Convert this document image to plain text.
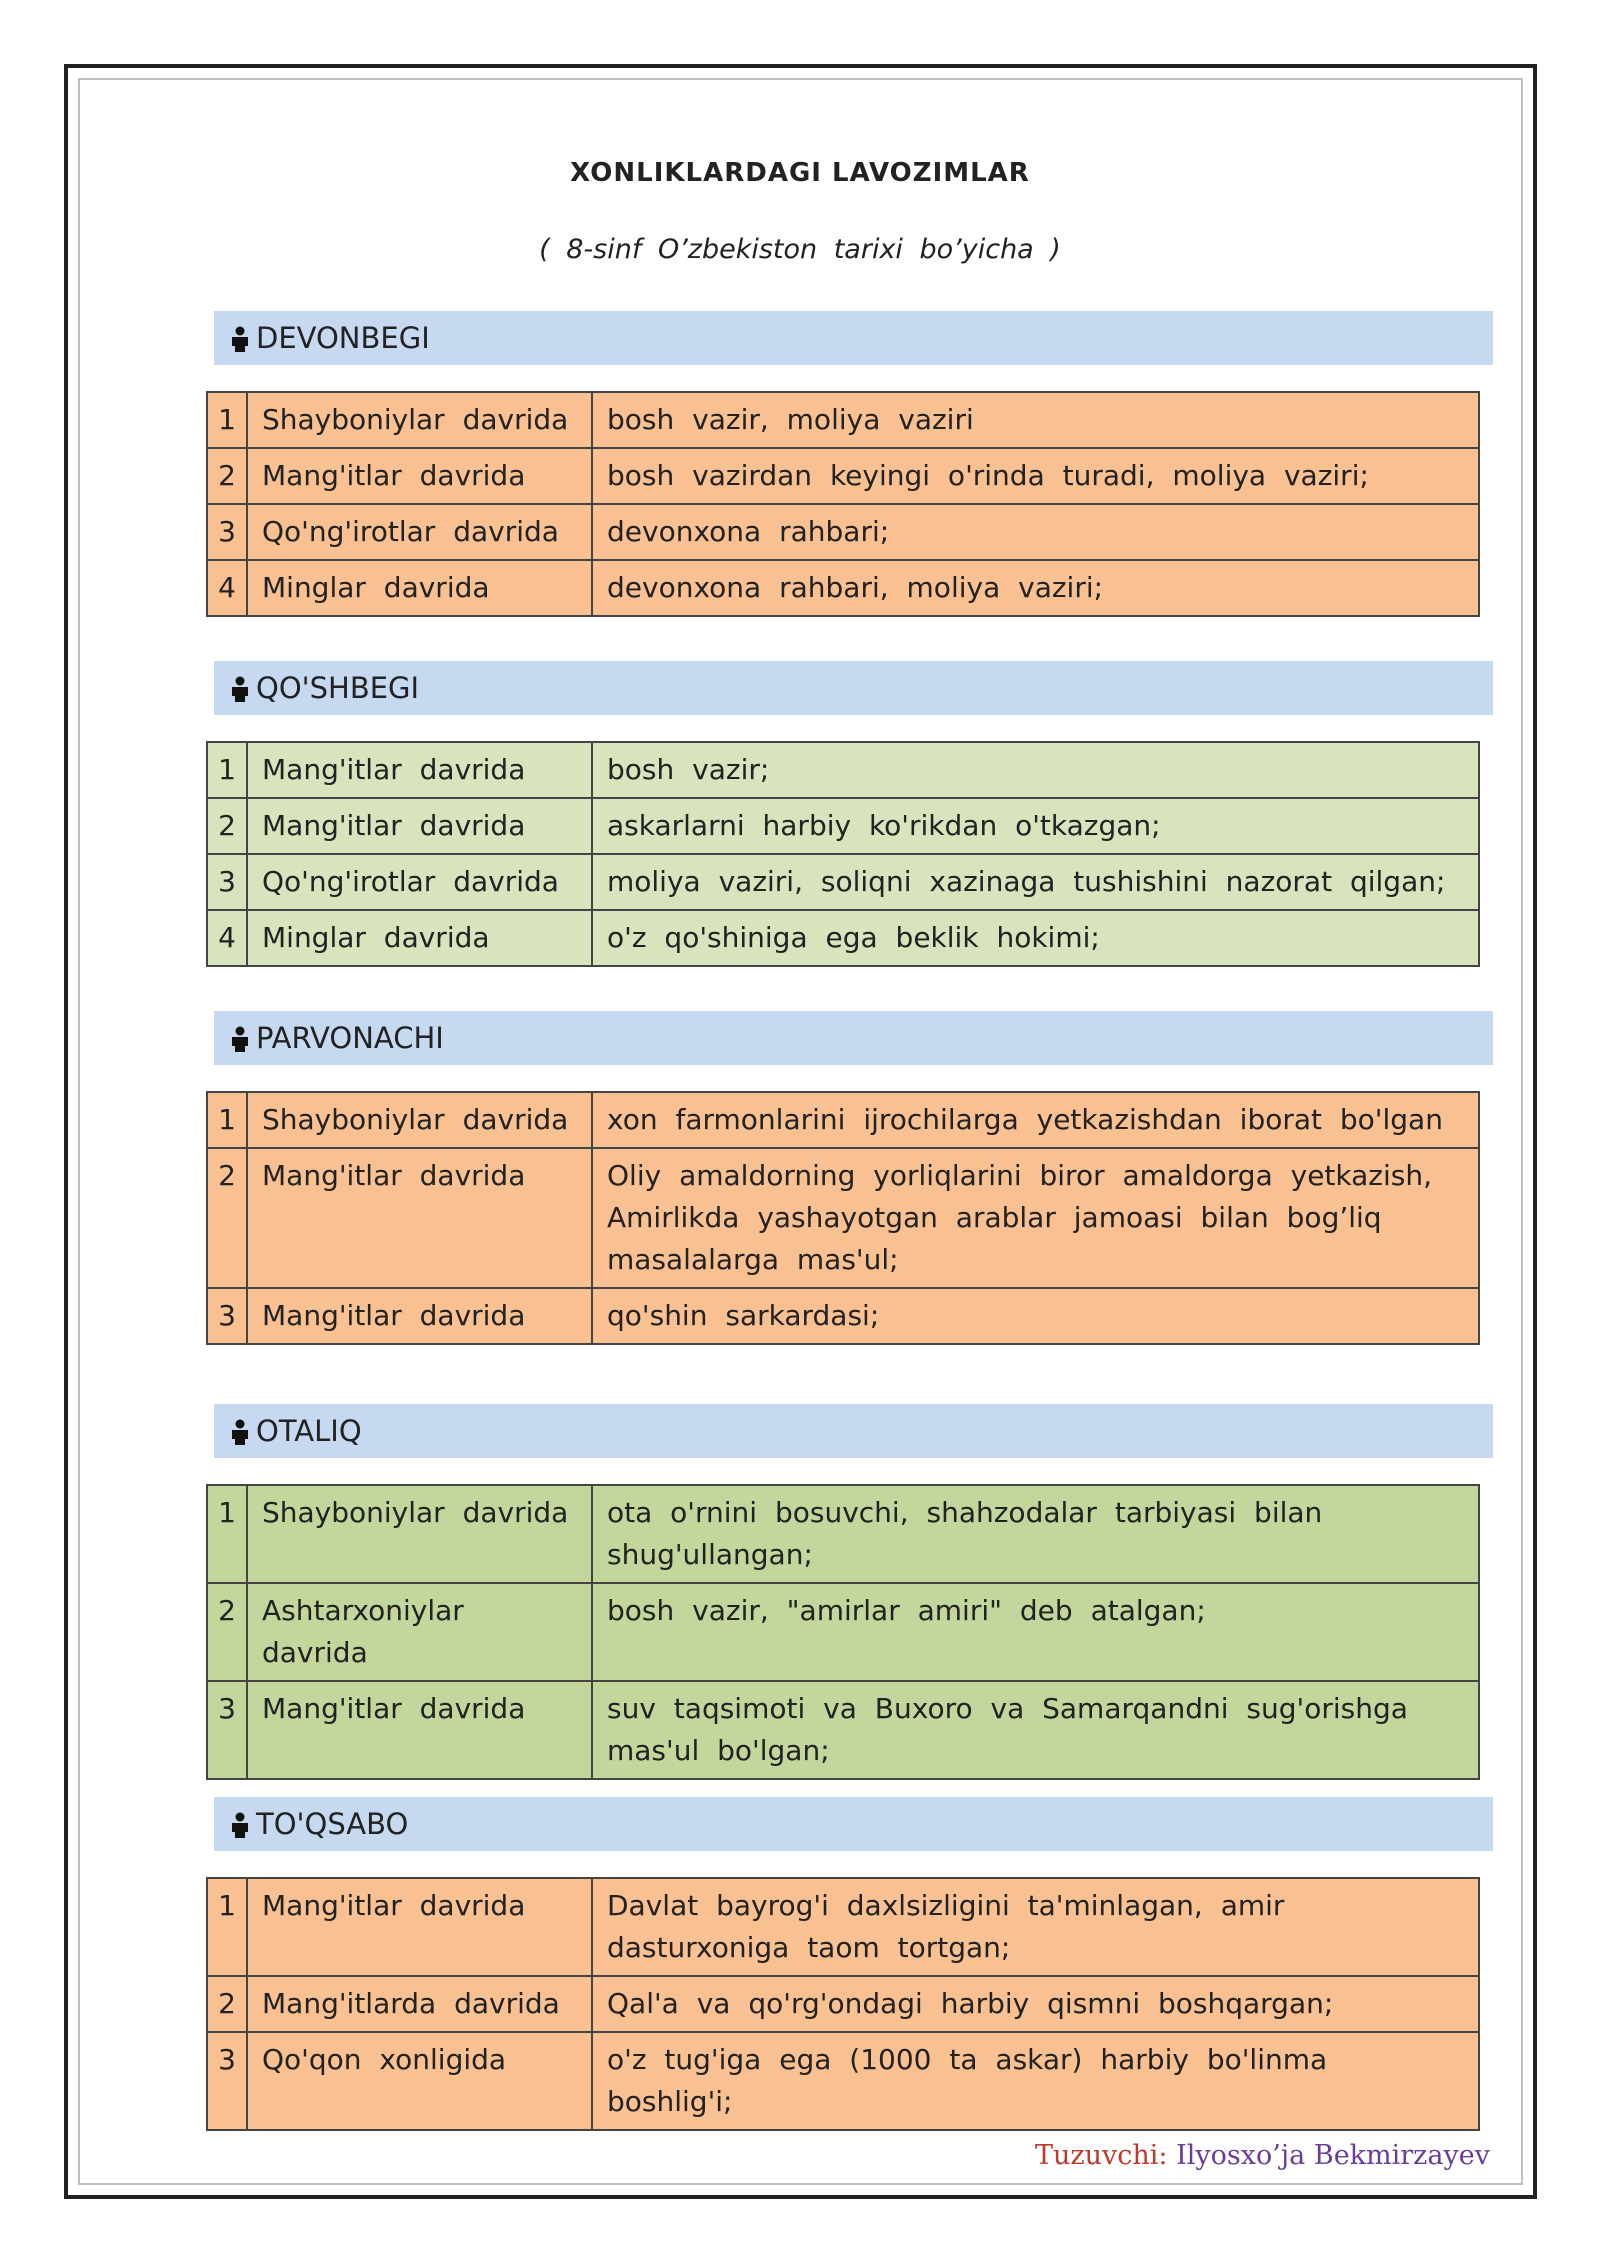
XONLIKLARDAGI LAVOZIMLAR
( 8-sinf O’zbekiston tarixi bo’yicha )
DEVONBEGI
1	Shayboniylar davrida	bosh vazir, moliya vaziri
2	Mang'itlar davrida	bosh vazirdan keyingi o'rinda turadi, moliya vaziri;
3	Qo'ng'irotlar davrida	devonxona rahbari;
4	Minglar davrida	devonxona rahbari, moliya vaziri;
QO'SHBEGI
1	Mang'itlar davrida	bosh vazir;
2	Mang'itlar davrida	askarlarni harbiy ko'rikdan o'tkazgan;
3	Qo'ng'irotlar davrida	moliya vaziri, soliqni xazinaga tushishini nazorat qilgan;
4	Minglar davrida	o'z qo'shiniga ega beklik hokimi;
PARVONACHI
1	Shayboniylar davrida	xon farmonlarini ijrochilarga yetkazishdan iborat bo'lgan
2	Mang'itlar davrida	Oliy amaldorning yorliqlarini biror amaldorga yetkazish, Amirlikda yashayotgan arablar jamoasi bilan bog’liq masalalarga mas'ul;
3	Mang'itlar davrida	qo'shin sarkardasi;
OTALIQ
1	Shayboniylar davrida	ota o'rnini bosuvchi, shahzodalar tarbiyasi bilan shug'ullangan;
2	Ashtarxoniylar davrida	bosh vazir, "amirlar amiri" deb atalgan;
3	Mang'itlar davrida	suv taqsimoti va Buxoro va Samarqandni sug'orishga mas'ul bo'lgan;
TO'QSABO
1	Mang'itlar davrida	Davlat bayrog'i daxlsizligini ta'minlagan, amir dasturxoniga taom tortgan;
2	Mang'itlarda davrida	Qal'a va qo'rg'ondagi harbiy qismni boshqargan;
3	Qo'qon xonligida	o'z tug'iga ega (1000 ta askar) harbiy bo'linma boshlig'i;
Tuzuvchi: Ilyosxo’ja Bekmirzayev
